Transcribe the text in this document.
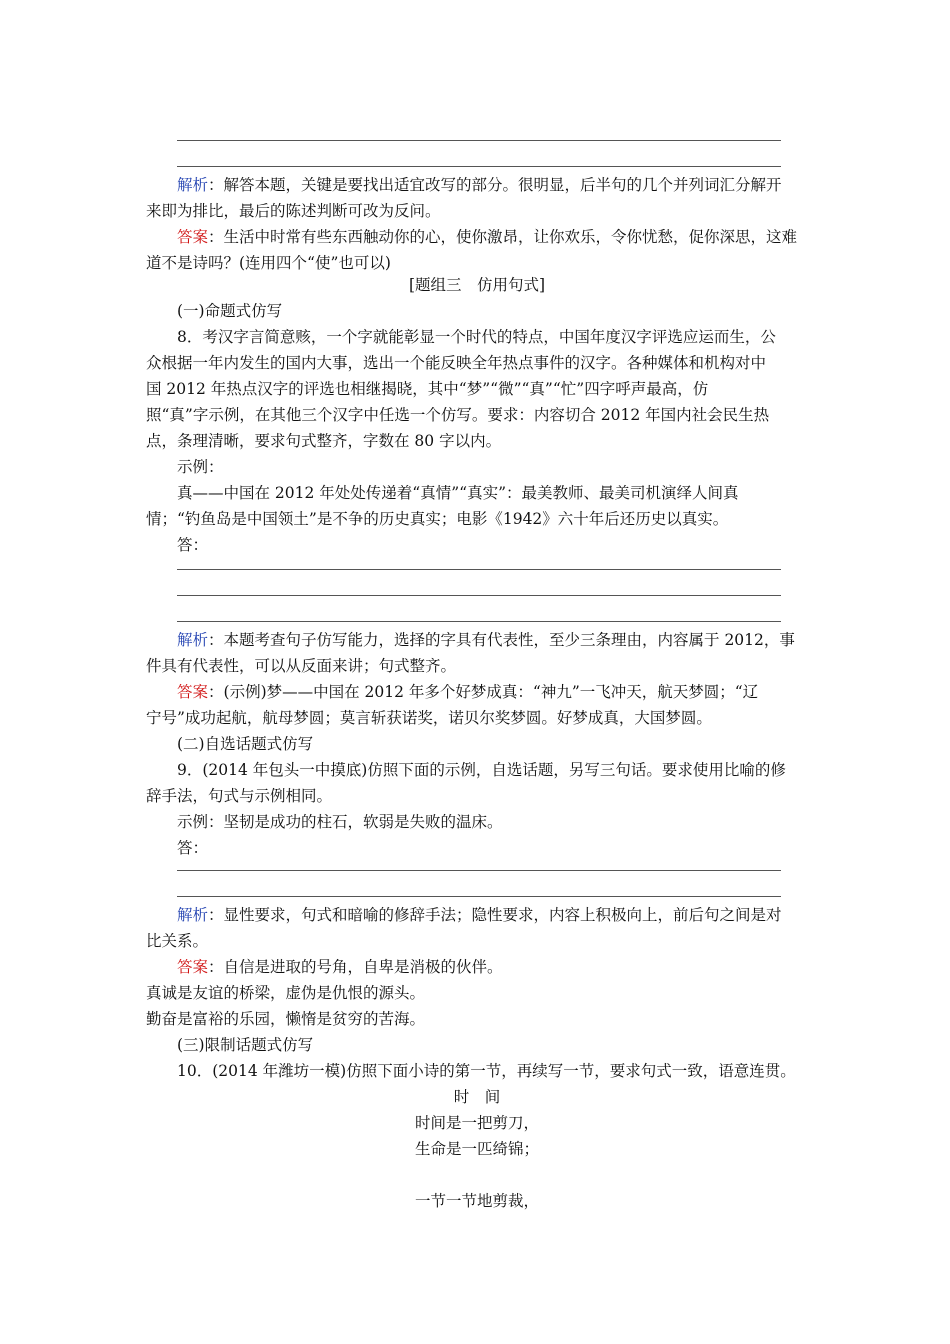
解析：解答本题，关键是要找出适宜改写的部分。很明显，后半句的几个并列词汇分解开
来即为排比，最后的陈述判断可改为反问。
答案：生活中时常有些东西触动你的心，使你激昂，让你欢乐，令你忧愁，促你深思，这难
道不是诗吗？(连用四个“使”也可以)
[题组三　仿用句式]
(一)命题式仿写
8．考汉字言简意赅，一个字就能彰显一个时代的特点，中国年度汉字评选应运而生，公
众根据一年内发生的国内大事，选出一个能反映全年热点事件的汉字。各种媒体和机构对中
国 2012 年热点汉字的评选也相继揭晓，其中“梦”“微”“真”“忙”四字呼声最高，仿
照“真”字示例，在其他三个汉字中任选一个仿写。要求：内容切合 2012 年国内社会民生热
点，条理清晰，要求句式整齐，字数在 80 字以内。
示例：
真——中国在 2012 年处处传递着“真情”“真实”：最美教师、最美司机演绎人间真
情；“钓鱼岛是中国领土”是不争的历史真实；电影《1942》六十年后还历史以真实。
答：
解析：本题考查句子仿写能力，选择的字具有代表性，至少三条理由，内容属于 2012，事
件具有代表性，可以从反面来讲；句式整齐。
答案：(示例)梦——中国在 2012 年多个好梦成真：“神九”一飞冲天，航天梦圆；“辽
宁号”成功起航，航母梦圆；莫言斩获诺奖，诺贝尔奖梦圆。好梦成真，大国梦圆。
(二)自选话题式仿写
9．(2014 年包头一中摸底)仿照下面的示例，自选话题，另写三句话。要求使用比喻的修
辞手法，句式与示例相同。
示例：坚韧是成功的柱石，软弱是失败的温床。
答：
解析：显性要求，句式和暗喻的修辞手法；隐性要求，内容上积极向上，前后句之间是对
比关系。
答案：自信是进取的号角，自卑是消极的伙伴。
真诚是友谊的桥梁，虚伪是仇恨的源头。
勤奋是富裕的乐园，懒惰是贫穷的苦海。
(三)限制话题式仿写
10．(2014 年潍坊一模)仿照下面小诗的第一节，再续写一节，要求句式一致，语意连贯。
时　间
时间是一把剪刀，
生命是一匹绮锦；
一节一节地剪裁，
